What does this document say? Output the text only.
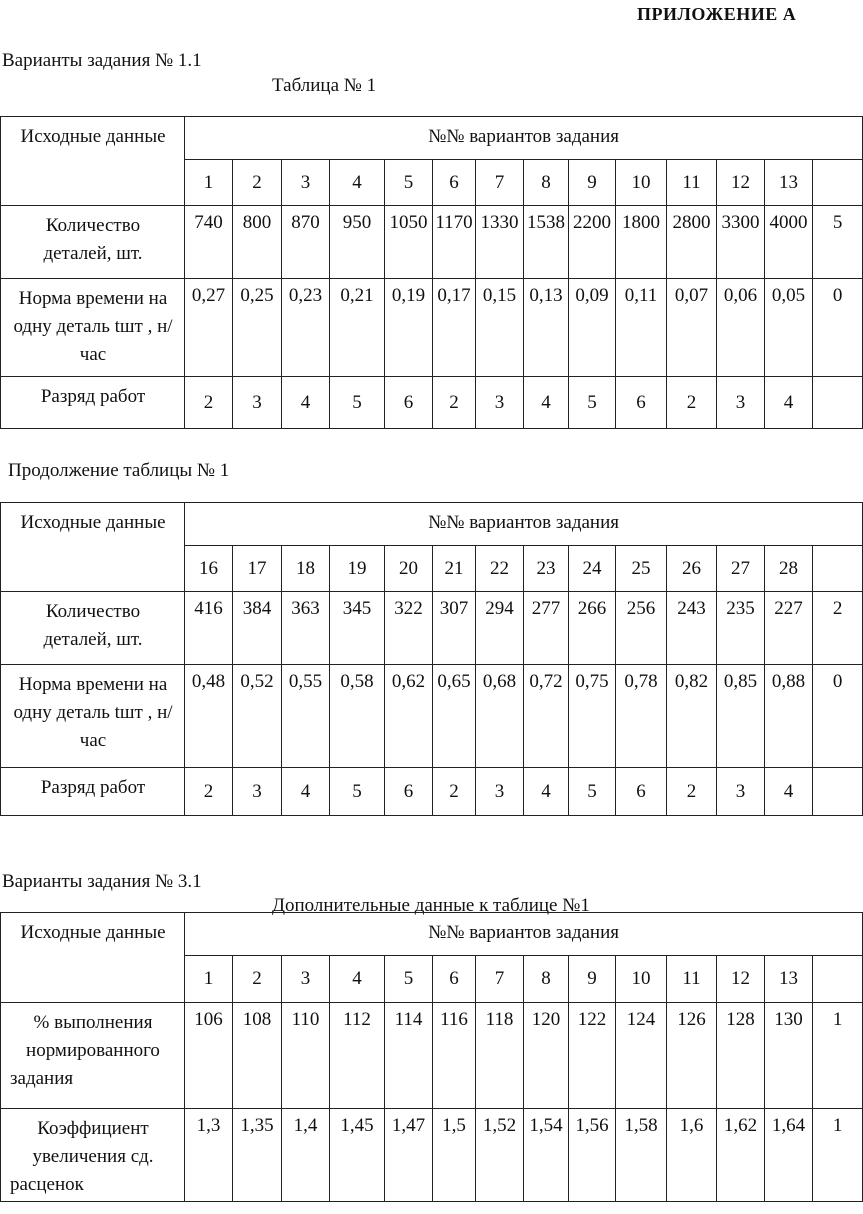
ПРИЛОЖЕНИЕ А
Варианты задания № 1.1
Таблица № 1
Исходные данные	№№ вариантов задания													
	1	2	3	4	5	6	7	8	9	10	11	12	13	
Количество деталей, шт.	740	800	870	950	1050	1170	1330	1538	2200	1800	2800	3300	4000	5
Норма времени на одну деталь tшт , н/час	0,27	0,25	0,23	0,21	0,19	0,17	0,15	0,13	0,09	0,11	0,07	0,06	0,05	0
Разряд работ	2	3	4	5	6	2	3	4	5	6	2	3	4	
Продолжение таблицы № 1
Исходные данные	№№ вариантов задания													
	16	17	18	19	20	21	22	23	24	25	26	27	28	
Количество деталей, шт.	416	384	363	345	322	307	294	277	266	256	243	235	227	2
Норма времени на одну деталь tшт , н/час	0,48	0,52	0,55	0,58	0,62	0,65	0,68	0,72	0,75	0,78	0,82	0,85	0,88	0
Разряд работ	2	3	4	5	6	2	3	4	5	6	2	3	4	
Варианты задания № 3.1
Дополнительные данные к таблице №1
Исходные данные	№№ вариантов задания													
	1	2	3	4	5	6	7	8	9	10	11	12	13	
% выполнения нормированного задания	106	108	110	112	114	116	118	120	122	124	126	128	130	1
Коэффициент увеличения сд. расценок	1,3	1,35	1,4	1,45	1,47	1,5	1,52	1,54	1,56	1,58	1,6	1,62	1,64	1
